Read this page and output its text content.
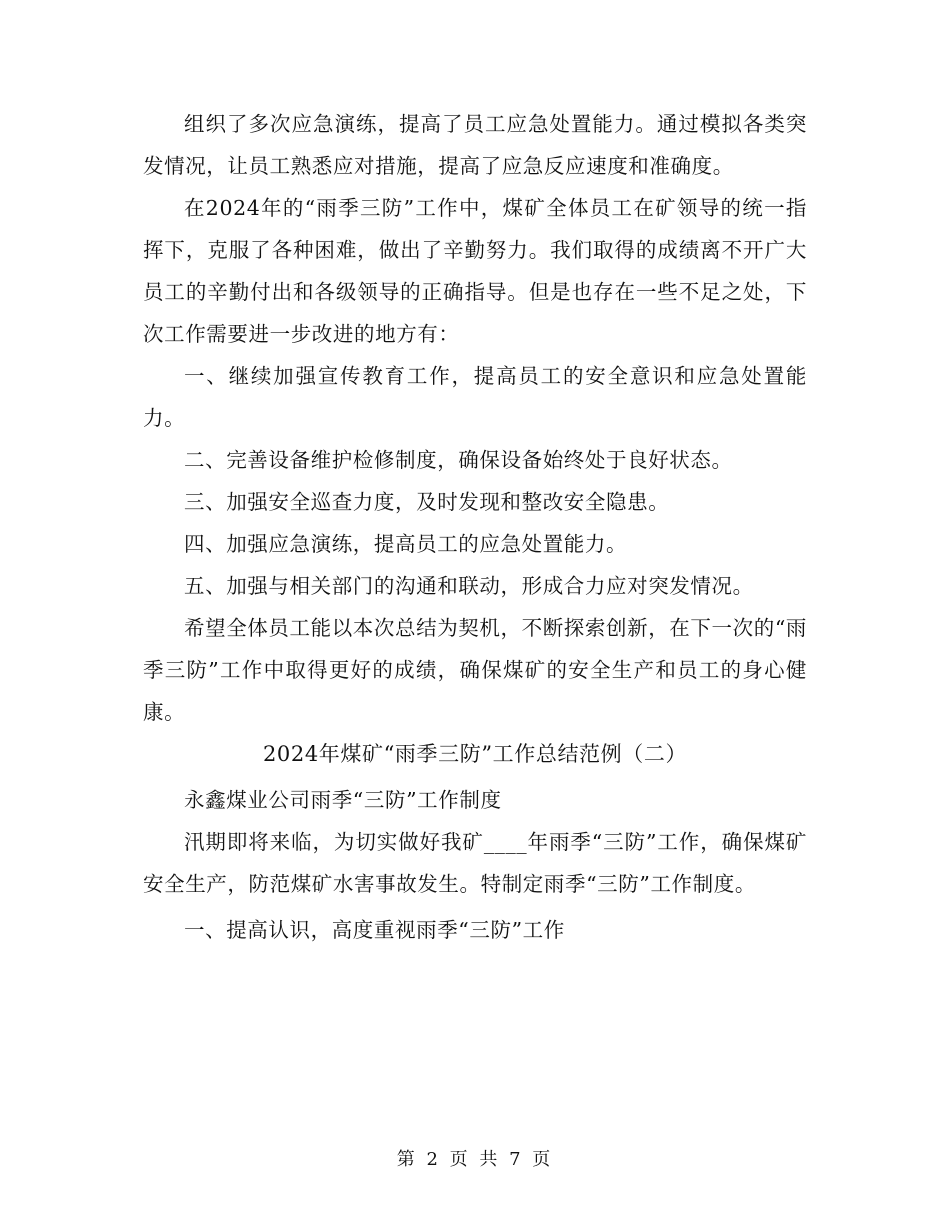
组织了多次应急演练，提高了员工应急处置能力。通过模拟各类突发情况，让员工熟悉应对措施，提高了应急反应速度和准确度。

在2024年的“雨季三防”工作中，煤矿全体员工在矿领导的统一指挥下，克服了各种困难，做出了辛勤努力。我们取得的成绩离不开广大员工的辛勤付出和各级领导的正确指导。但是也存在一些不足之处，下次工作需要进一步改进的地方有：

一、继续加强宣传教育工作，提高员工的安全意识和应急处置能力。

二、完善设备维护检修制度，确保设备始终处于良好状态。

三、加强安全巡查力度，及时发现和整改安全隐患。

四、加强应急演练，提高员工的应急处置能力。

五、加强与相关部门的沟通和联动，形成合力应对突发情况。

希望全体员工能以本次总结为契机，不断探索创新，在下一次的“雨季三防”工作中取得更好的成绩，确保煤矿的安全生产和员工的身心健康。

2024年煤矿“雨季三防”工作总结范例（二）

永鑫煤业公司雨季“三防”工作制度

汛期即将来临，为切实做好我矿____年雨季“三防”工作，确保煤矿安全生产，防范煤矿水害事故发生。特制定雨季“三防”工作制度。

一、提高认识，高度重视雨季“三防”工作

第 2 页 共 7 页
